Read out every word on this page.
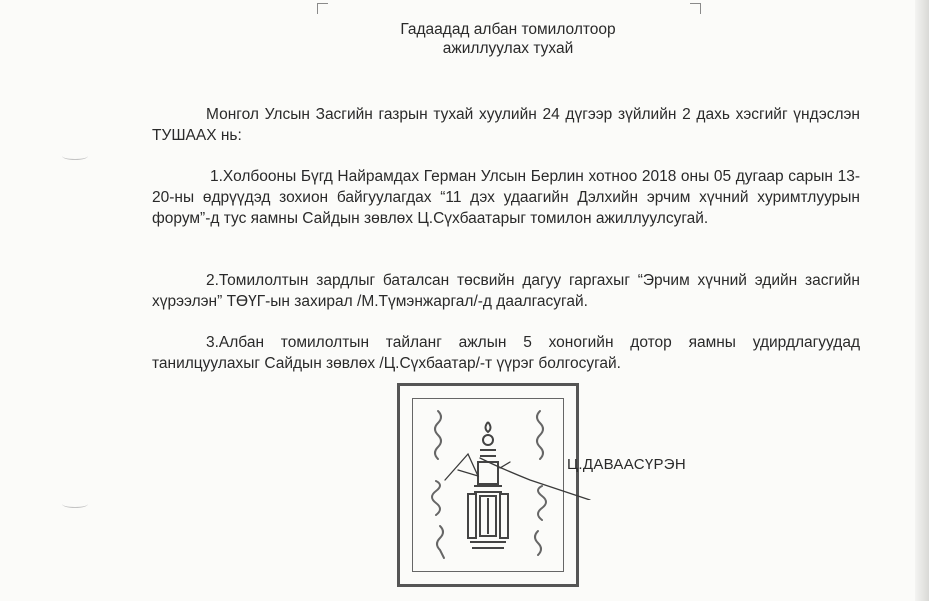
Гадаадад албан томилолтоор
ажиллуулах тухай
Монгол Улсын Засгийн газрын тухай хуулийн 24 дүгээр зүйлийн 2 дахь хэсгийг үндэслэн ТУШААХ нь:
1.Холбооны Бүгд Найрамдах Герман Улсын Берлин хотноо 2018 оны 05 дугаар сарын 13-20-ны өдрүүдэд зохион байгуулагдах “11 дэх удаагийн Дэлхийн эрчим хүчний хуримтлуурын форум”-д тус яамны Сайдын зөвлөх Ц.Сүхбаатарыг томилон ажиллуулсугай.
2.Томилолтын зардлыг баталсан төсвийн дагуу гаргахыг “Эрчим хүчний эдийн засгийн хүрээлэн” ТӨҮГ-ын захирал /М.Түмэнжаргал/-д даалгасугай.
3.Албан томилолтын тайланг ажлын 5 хоногийн дотор яамны удирдлагуудад танилцуулахыг Сайдын зөвлөх /Ц.Сүхбаатар/-т үүрэг болгосугай.
Ц.ДАВААСҮРЭН
